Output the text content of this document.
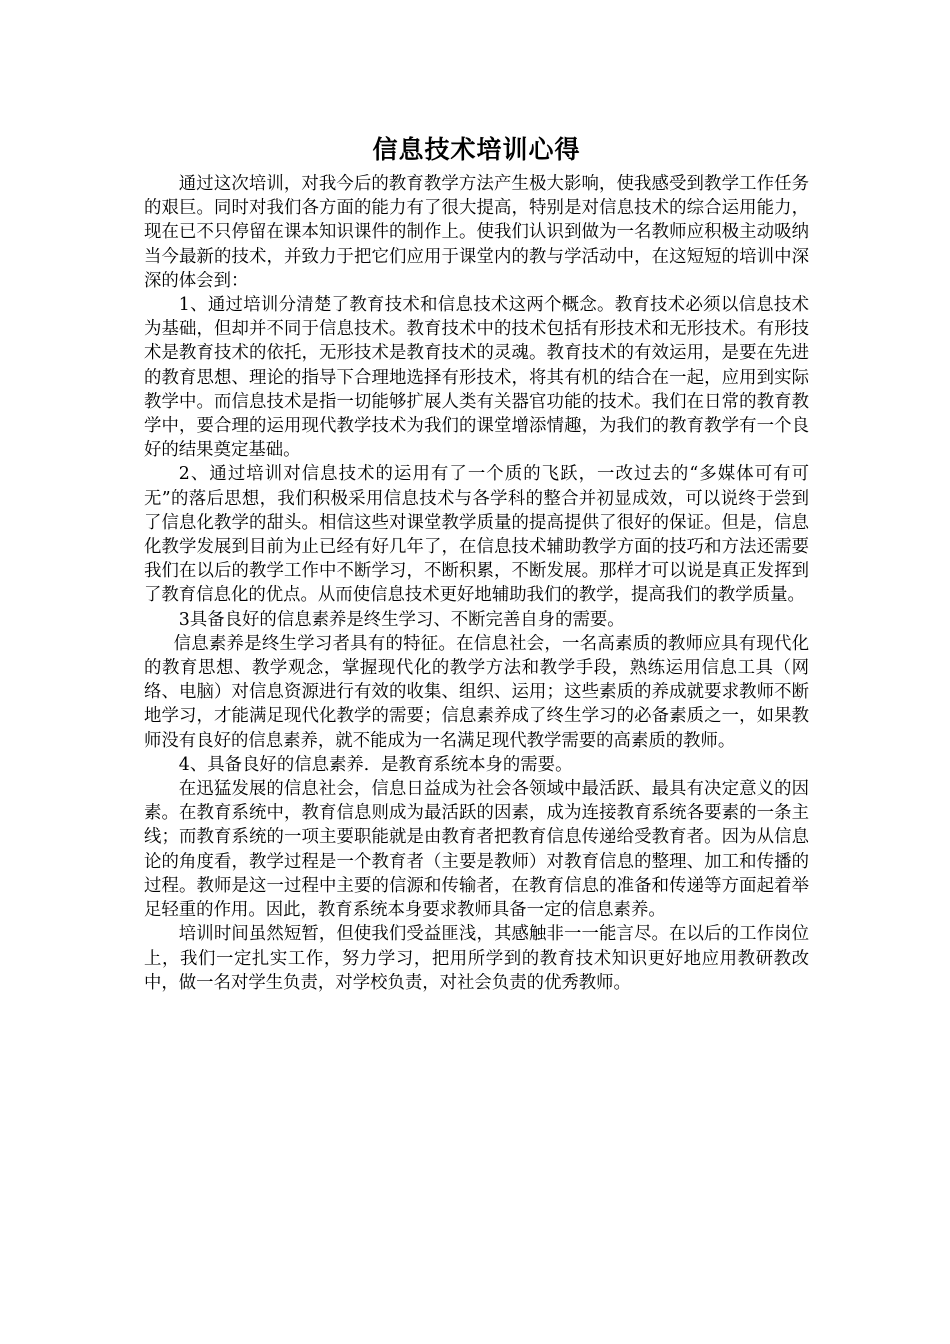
信息技术培训心得

通过这次培训，对我今后的教育教学方法产生极大影响，使我感受到教学工作任务的艰巨。同时对我们各方面的能力有了很大提高，特别是对信息技术的综合运用能力，现在已不只停留在课本知识课件的制作上。使我们认识到做为一名教师应积极主动吸纳当今最新的技术，并致力于把它们应用于课堂内的教与学活动中，在这短短的培训中深深的体会到：

1、通过培训分清楚了教育技术和信息技术这两个概念。教育技术必须以信息技术为基础，但却并不同于信息技术。教育技术中的技术包括有形技术和无形技术。有形技术是教育技术的依托，无形技术是教育技术的灵魂。教育技术的有效运用，是要在先进的教育思想、理论的指导下合理地选择有形技术，将其有机的结合在一起，应用到实际教学中。而信息技术是指一切能够扩展人类有关器官功能的技术。我们在日常的教育教学中，要合理的运用现代教学技术为我们的课堂增添情趣，为我们的教育教学有一个良好的结果奠定基础。

2、通过培训对信息技术的运用有了一个质的飞跃，一改过去的“多媒体可有可无”的落后思想，我们积极采用信息技术与各学科的整合并初显成效，可以说终于尝到了信息化教学的甜头。相信这些对课堂教学质量的提高提供了很好的保证。但是，信息化教学发展到目前为止已经有好几年了，在信息技术辅助教学方面的技巧和方法还需要我们在以后的教学工作中不断学习，不断积累，不断发展。那样才可以说是真正发挥到了教育信息化的优点。从而使信息技术更好地辅助我们的教学，提高我们的教学质量。

3具备良好的信息素养是终生学习、不断完善自身的需要。

信息素养是终生学习者具有的特征。在信息社会，一名高素质的教师应具有现代化的教育思想、教学观念，掌握现代化的教学方法和教学手段，熟练运用信息工具（网络、电脑）对信息资源进行有效的收集、组织、运用；这些素质的养成就要求教师不断地学习，才能满足现代化教学的需要；信息素养成了终生学习的必备素质之一，如果教师没有良好的信息素养，就不能成为一名满足现代教学需要的高素质的教师。

4、具备良好的信息素养．是教育系统本身的需要。

在迅猛发展的信息社会，信息日益成为社会各领域中最活跃、最具有决定意义的因素。在教育系统中，教育信息则成为最活跃的因素，成为连接教育系统各要素的一条主线；而教育系统的一项主要职能就是由教育者把教育信息传递给受教育者。因为从信息论的角度看，教学过程是一个教育者（主要是教师）对教育信息的整理、加工和传播的过程。教师是这一过程中主要的信源和传输者，在教育信息的准备和传递等方面起着举足轻重的作用。因此，教育系统本身要求教师具备一定的信息素养。

培训时间虽然短暂，但使我们受益匪浅，其感触非一一能言尽。在以后的工作岗位上，我们一定扎实工作，努力学习，把用所学到的教育技术知识更好地应用教研教改中，做一名对学生负责，对学校负责，对社会负责的优秀教师。
